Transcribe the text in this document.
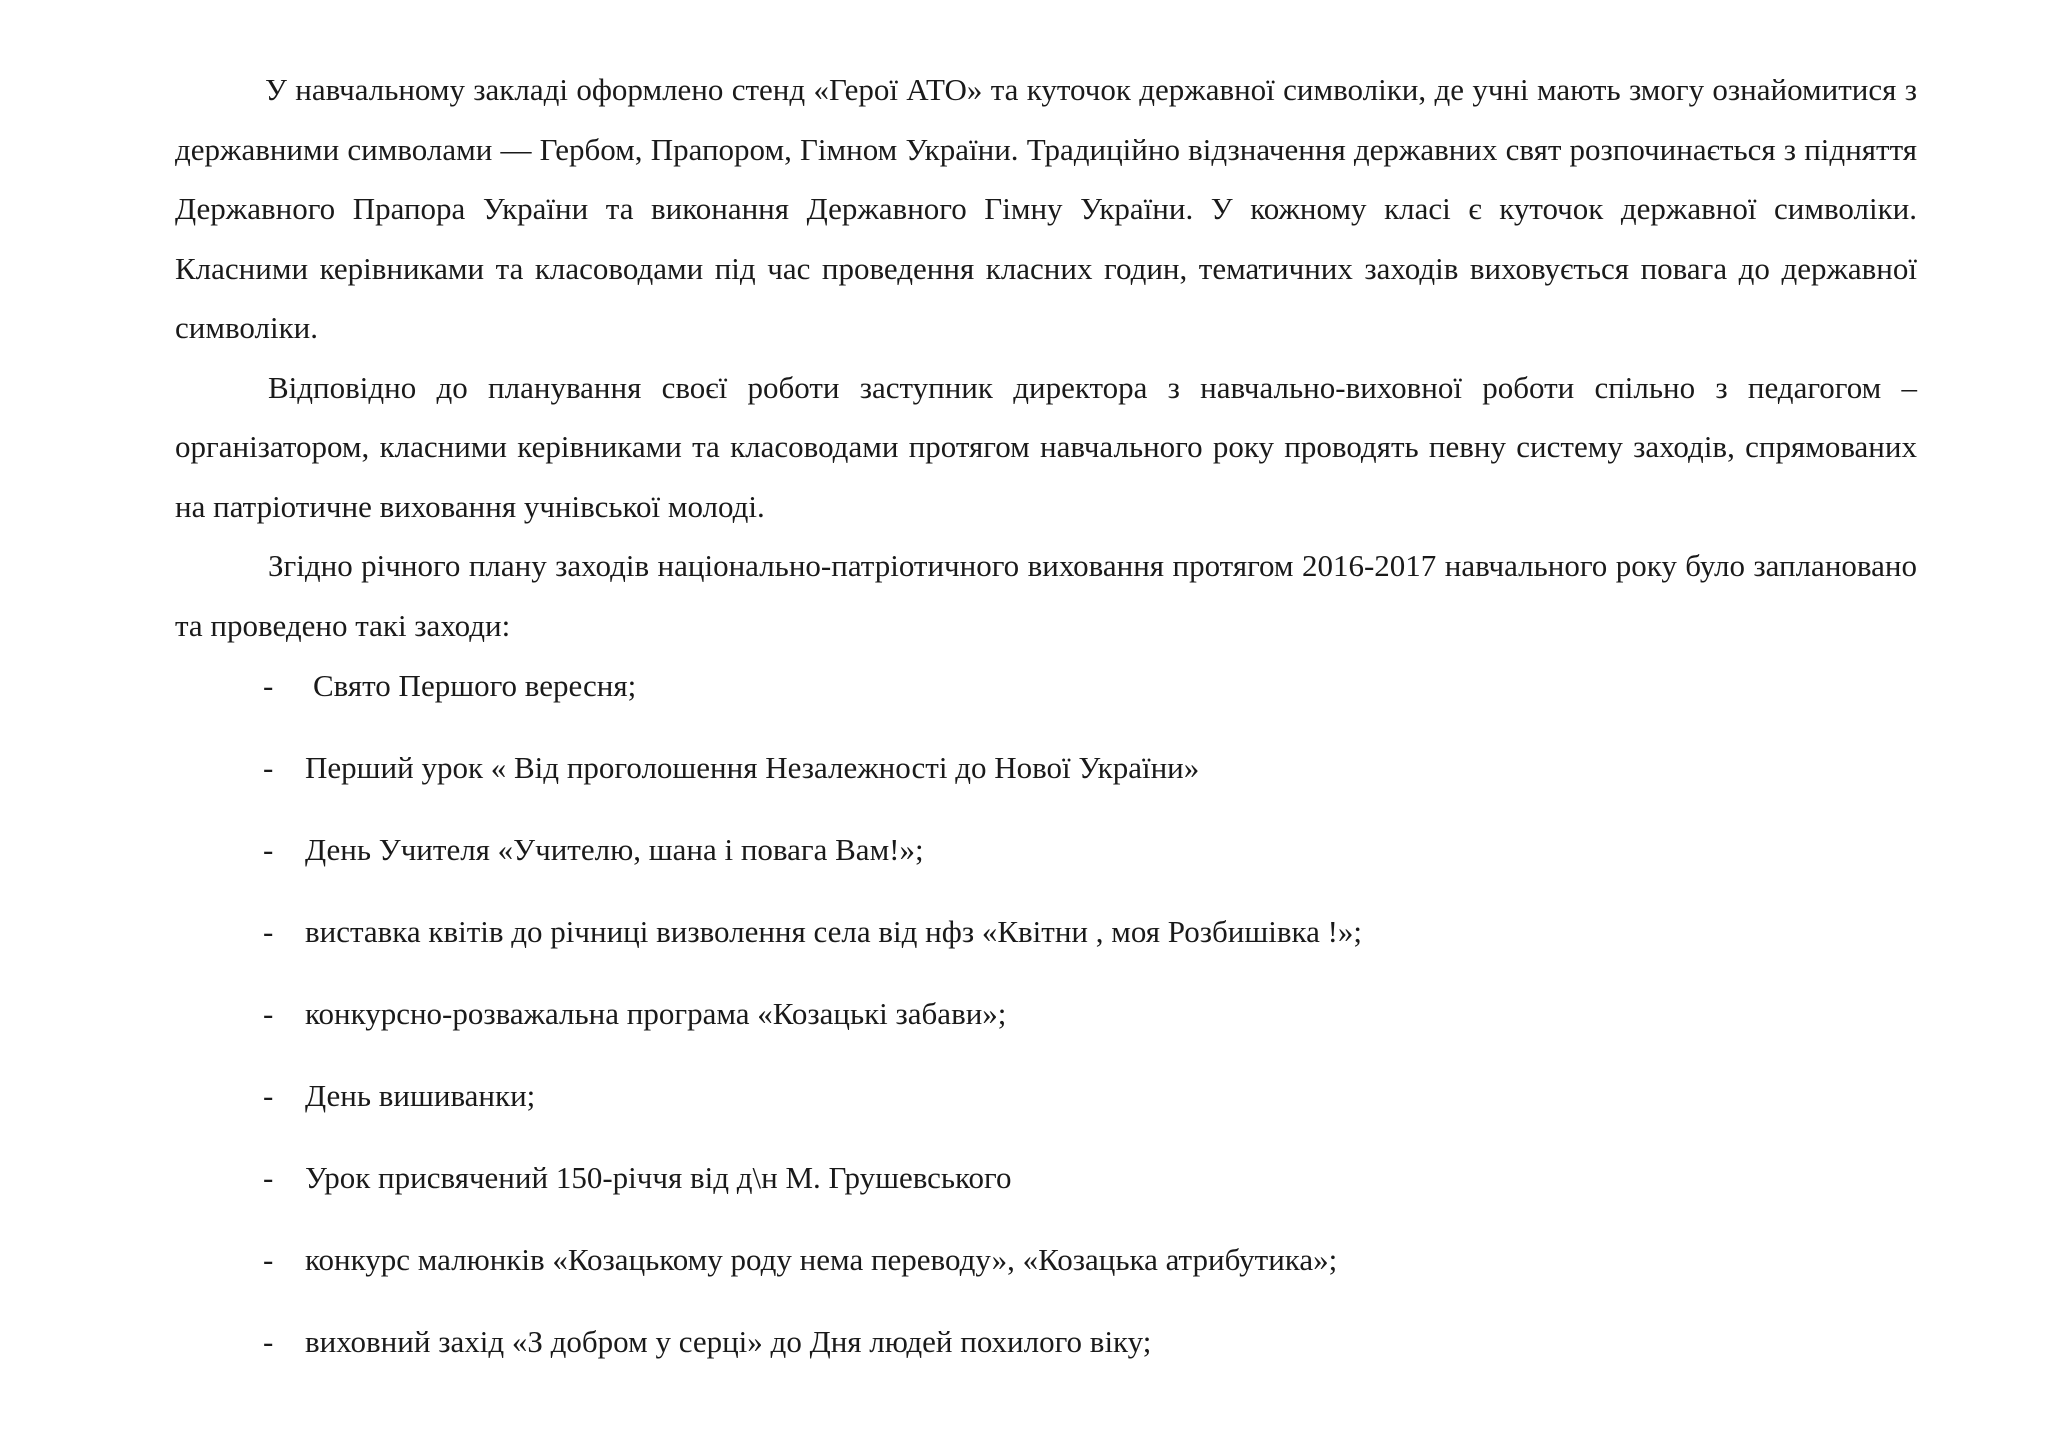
У навчальному закладі оформлено стенд «Герої АТО» та куточок державної символіки, де учні мають змогу ознайомитися з державними символами — Гербом, Прапором, Гімном України. Традиційно відзначення державних свят розпочинається з підняття Державного Прапора України та виконання Державного Гімну України. У кожному класі є куточок державної символіки. Класними керівниками та класоводами під час проведення класних годин, тематичних заходів виховується повага до державної символіки.

Відповідно до планування своєї роботи заступник директора з навчально-виховної роботи спільно з педагогом – організатором, класними керівниками та класоводами протягом навчального року проводять певну систему заходів, спрямованих на патріотичне виховання учнівської молоді.

Згідно річного плану заходів національно-патріотичного виховання протягом 2016-2017 навчального року було заплановано та проведено такі заходи:

- Свято Першого вересня;
- Перший урок « Від проголошення Незалежності до Нової України»
- День Учителя «Учителю, шана і повага Вам!»;
- виставка квітів до річниці визволення села від нфз «Квітни , моя Розбишівка !»;
- конкурсно-розважальна програма «Козацькі забави»;
- День вишиванки;
- Урок присвячений 150-річчя від д\н М. Грушевського
- конкурс малюнків «Козацькому роду нема переводу», «Козацька атрибутика»;
- виховний захід «З добром у серці» до Дня людей похилого віку;
